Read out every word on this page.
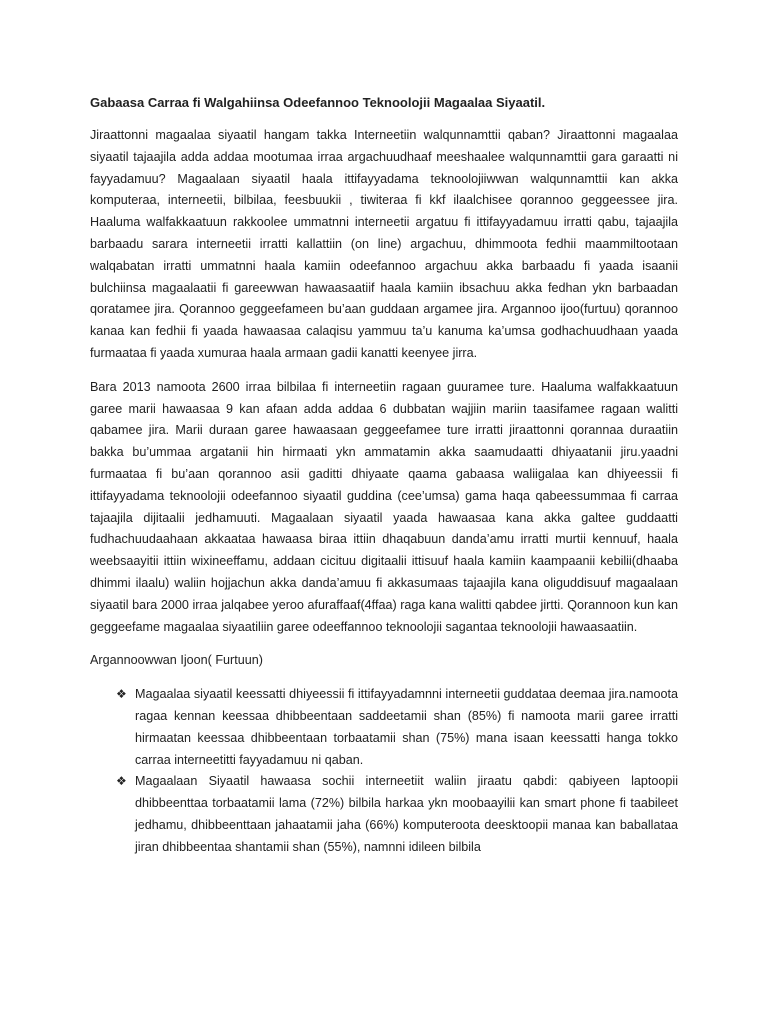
Gabaasa Carraa fi Walgahiinsa Odeefannoo Teknoolojii Magaalaa Siyaatil.

Jiraattonni magaalaa siyaatil hangam takka Interneetiin walqunnamttii qaban? Jiraattonni magaalaa siyaatil tajaajila adda addaa mootumaa irraa argachuudhaaf meeshaalee walqunnamttii gara garaatti ni fayyadamuu? Magaalaan siyaatil haala ittifayyadama teknoolojiiwwan walqunnamttii kan akka komputeraa, interneetii, bilbilaa, feesbuukii , tiwiteraa fi kkf ilaalchisee qorannoo geggeessee jira. Haaluma walfakkaatuun rakkoolee ummatnni interneetii argatuu fi ittifayyadamuu irratti qabu, tajaajila barbaadu sarara interneetii irratti kallattiin (on line) argachuu, dhimmoota fedhii maammiltootaan walqabatan irratti ummatnni haala kamiin odeefannoo argachuu akka barbaadu fi yaada isaanii bulchiinsa magaalaatii fi gareewwan hawaasaatiif haala kamiin ibsachuu akka fedhan ykn barbaadan qoratamee jira. Qorannoo geggeefameen bu’aan guddaan argamee jira. Argannoo ijoo(furtuu) qorannoo kanaa kan fedhii fi yaada hawaasaa calaqisu yammuu ta’u kanuma ka’umsa godhachuudhaan yaada furmaataa fi yaada xumuraa haala armaan gadii kanatti keenyee jirra.

Bara 2013 namoota 2600 irraa bilbilaa fi interneetiin ragaan guuramee ture. Haaluma walfakkaatuun garee marii hawaasaa 9 kan afaan adda addaa 6 dubbatan wajjiin mariin taasifamee ragaan walitti qabamee jira. Marii duraan garee hawaasaan geggeefamee ture irratti jiraattonni qorannaa duraatiin bakka bu’ummaa argatanii hin hirmaati ykn ammatamin akka saamudaatti dhiyaatanii jiru.yaadni furmaataa fi bu’aan qorannoo asii gaditti dhiyaate qaama gabaasa waliigalaa kan dhiyeessii fi ittifayyadama teknoolojii odeefannoo siyaatil guddina (cee’umsa) gama haqa qabeessummaa fi carraa tajaajila dijitaalii jedhamuuti. Magaalaan siyaatil yaada hawaasaa kana akka galtee guddaatti fudhachuudaahaan akkaataa hawaasa biraa ittiin dhaqabuun danda’amu irratti murtii kennuuf, haala weebsaayitii ittiin wixineeffamu, addaan cicituu digitaalii ittisuuf haala kamiin kaampaanii kebilii(dhaaba dhimmi ilaalu) waliin hojjachun akka danda’amuu fi akkasumaas tajaajila kana oliguddisuuf magaalaan siyaatil bara 2000 irraa jalqabee yeroo afuraffaaf(4ffaa) raga kana walitti qabdee jirtti. Qorannoon kun kan geggeefame magaalaa siyaatiliin garee odeeffannoo teknoolojii sagantaa teknoolojii hawaasaatiin.

Argannoowwan Ijoon( Furtuun)
❖ Magaalaa siyaatil keessatti dhiyeessii fi ittifayyadamnni interneetii guddataa deemaa jira.namoota ragaa kennan keessaa dhibbeentaan saddeetamii shan (85%) fi namoota marii garee irratti hirmaatan keessaa dhibbeentaan torbaatamii shan (75%) mana isaan keessatti hanga tokko carraa interneetitti fayyadamuu ni qaban.
❖ Magaalaan Siyaatil hawaasa sochii interneetiit waliin jiraatu qabdi: qabiyeen laptoopii dhibbeenttaa torbaatamii lama (72%) bilbila harkaa ykn moobaayilii kan smart phone fi taabileet jedhamu, dhibbeenttaan jahaatamii jaha (66%) komputeroota deesktoopii manaa kan baballataa jiran dhibbeentaa shantamii shan (55%), namnni idileen bilbila
